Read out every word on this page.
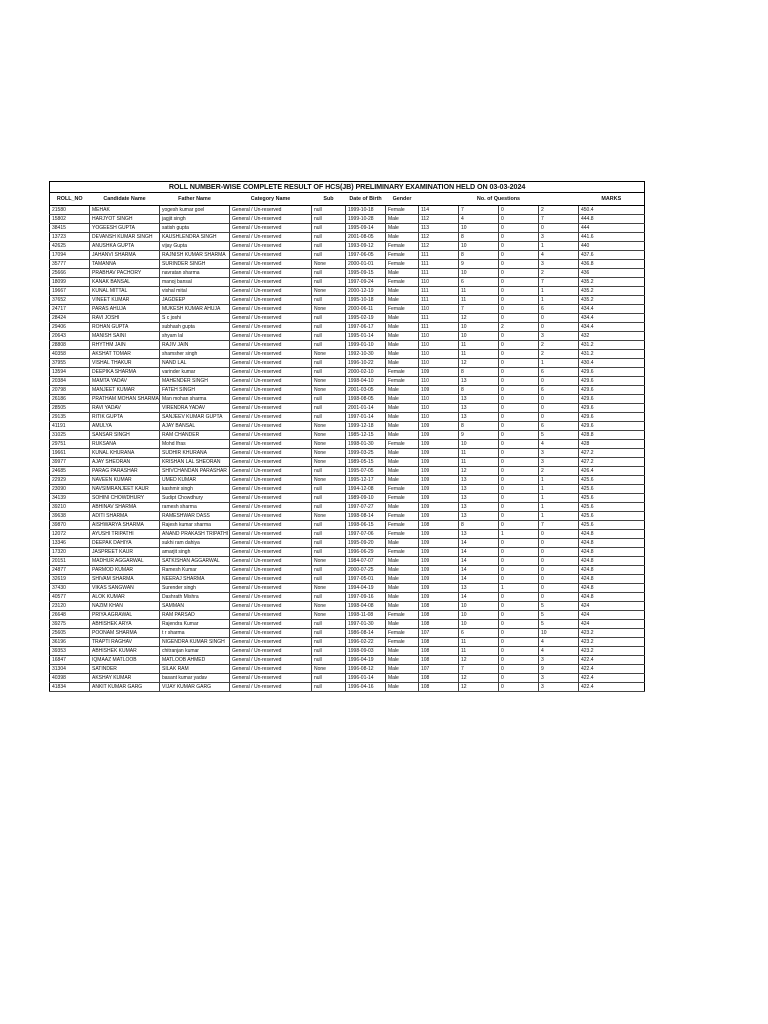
ROLL NUMBER-WISE COMPLETE RESULT OF HCS(JB) PRELIMINARY EXAMINATION HELD ON 03-03-2024											
ROLL_NO	Candidate Name	Father Name	Category Name	Sub	Date of Birth	Gender	No. of Questions				MARKS
21580	MEHAK	yogesh kumar goel	General / Un-reserved	null	1999-10-18	Female	114	7	0	2	450.4
15802	HARJYOT SINGH	jagjit singh	General / Un-reserved	null	1999-10-28	Male	112	4	0	7	444.8
38415	YOGEESH GUPTA	satish gupta	General / Un-reserved	null	1995-09-14	Male	113	10	0	0	444
13723	DEVANSH KUMAR SINGH	KAUSHLENDRA SINGH	General / Un-reserved	null	2001-08-05	Male	112	8	0	3	441.6
42625	ANUSHKA GUPTA	vijay Gupta	General / Un-reserved	null	1993-09-12	Female	112	10	0	1	440
17094	JAHANVI SHARMA	RAJNISH KUMAR SHARMA	General / Un-reserved	null	1997-06-05	Female	111	8	0	4	437.6
35777	TAMANNA	SURINDER SINGH	General / Un-reserved	None	2000-01-01	Female	111	9	0	3	436.8
25666	PRABHAV PACHORY	navratan sharma	General / Un-reserved	null	1995-09-15	Male	111	10	0	2	436
18099	KANAK BANSAL	manoj bansal	General / Un-reserved	null	1997-09-24	Female	110	6	0	7	435.2
19667	KUNAL MITTAL	vishal mital	General / Un-reserved	None	2000-12-19	Male	111	11	0	1	435.2
37652	VINEET KUMAR	JAGDEEP	General / Un-reserved	null	1995-10-18	Male	111	11	0	1	435.2
24717	PARAS AHUJA	MUKESH KUMAR AHUJA	General / Un-reserved	None	2000-06-11	Female	110	7	0	6	434.4
28424	RAVI JOSHI	S c joshi	General / Un-reserved	null	1995-02-19	Male	111	12	0	0	434.4
29406	ROHAN GUPTA	subhash gupta	General / Un-reserved	null	1997-06-17	Male	111	10	2	0	434.4
20643	MANISH SAINI	shyam lal	General / Un-reserved	null	1995-01-14	Male	110	10	0	3	432
28808	RHYTHM JAIN	RAJIV JAIN	General / Un-reserved	null	1999-01-10	Male	110	11	0	2	431.2
40358	AKSHAT TOMAR	shamsher singh	General / Un-reserved	None	1992-10-30	Male	110	11	0	2	431.2
37955	VISHAL THAKUR	NAND LAL	General / Un-reserved	null	1996-10-22	Male	110	12	0	1	430.4
13594	DEEPIKA SHARMA	varinder kumar	General / Un-reserved	null	2000-02-10	Female	109	8	0	6	429.6
20384	MAMTA YADAV	MAHENDER SINGH	General / Un-reserved	None	1998-04-10	Female	110	13	0	0	429.6
20798	MANJEET KUMAR	FATEH SINGH	General / Un-reserved	None	2001-03-05	Male	109	8	0	6	429.6
26186	PRATHAM MOHAN SHARMA	Man mohan sharma	General / Un-reserved	null	1998-08-05	Male	110	13	0	0	429.6
28505	RAVI YADAV	VIRENDRA YADAV	General / Un-reserved	null	2001-01-14	Male	110	13	0	0	429.6
29135	RITIK GUPTA	SANJEEV KUMAR GUPTA	General / Un-reserved	null	1997-01-14	Male	110	13	0	0	429.6
41191	AMULYA	AJAY BANSAL	General / Un-reserved	None	1999-12-18	Male	109	8	0	6	429.6
31025	SANSAR SINGH	RAM CHANDER	General / Un-reserved	None	1985-12-15	Male	109	9	0	5	428.8
29751	RUKSANA	Mohd Ifras	General / Un-reserved	None	1998-01-30	Female	109	10	0	4	428
19661	KUNAL KHURANA	SUDHIR KHURANA	General / Un-reserved	None	1999-03-25	Male	109	11	0	3	427.2
39977	AJAY SHEORAN	KRISHAN LAL SHEORAN	General / Un-reserved	None	1989-05-15	Male	109	11	0	3	427.2
24685	PARAG PARASHAR	SHIVCHANDAN PARASHAR	General / Un-reserved	null	1995-07-05	Male	109	12	0	2	426.4
22929	NAVEEN KUMAR	UMED KUMAR	General / Un-reserved	None	1995-12-17	Male	109	13	0	1	425.6
23090	NAVSIMRANJEET KAUR	kashmir singh	General / Un-reserved	null	1994-12-08	Female	109	13	0	1	425.6
34139	SOHINI CHOWDHURY	Sudipt Chowdhury	General / Un-reserved	null	1989-09-10	Female	109	13	0	1	425.6
39210	ABHINAV SHARMA	ramesh sharma	General / Un-reserved	null	1997-07-27	Male	109	13	0	1	425.6
39638	ADITI SHARMA	RAMESHWAR DASS	General / Un-reserved	None	1998-08-14	Female	109	13	0	1	425.6
39870	AISHWARYA SHARMA	Rajesh kumar sharma	General / Un-reserved	null	1998-06-15	Female	108	8	0	7	425.6
12072	AYUSHI TRIPATHI	ANAND PRAKASH TRIPATHI	General / Un-reserved	null	1997-07-06	Female	109	13	1	0	424.8
13346	DEEPAK DAHIYA	sukhi ram dahiya	General / Un-reserved	null	1995-09-20	Male	109	14	0	0	424.8
17320	JASPREET KAUR	amarjit singh	General / Un-reserved	null	1996-06-29	Female	109	14	0	0	424.8
20151	MADHUR AGGARWAL	SATKISHAN AGGARWAL	General / Un-reserved	None	1984-07-07	Male	109	14	0	0	424.8
24877	PARMOD KUMAR	Ramesh Kumar	General / Un-reserved	null	2000-07-25	Male	109	14	0	0	424.8
32619	SHIVAM SHARMA	NEERAJ SHARMA	General / Un-reserved	null	1997-05-01	Male	109	14	0	0	424.8
37430	VIKAS SANGWAN	Surender singh	General / Un-reserved	None	1994-04-19	Male	109	13	1	0	424.8
40577	ALOK KUMAR	Dashrath Mishra	General / Un-reserved	null	1997-09-16	Male	109	14	0	0	424.8
23120	NAZIM KHAN	SAMMAN	General / Un-reserved	None	1998-04-08	Male	108	10	0	5	424
26648	PRIYA AGRAWAL	RAM PARSAD	General / Un-reserved	None	1998-11-08	Female	108	10	0	5	424
39275	ABHISHEK ARYA	Rajendra Kumar	General / Un-reserved	null	1997-01-30	Male	108	10	0	5	424
25605	POONAM SHARMA	t r sharma	General / Un-reserved	null	1986-08-14	Female	107	6	0	10	423.2
36196	TRAPTI RAGHAV	NIGENDRA KUMAR SINGH	General / Un-reserved	null	1996-02-22	Female	108	11	0	4	423.2
39353	ABHISHEK KUMAR	chitranjan kumar	General / Un-reserved	null	1998-09-03	Male	108	11	0	4	423.2
16847	IQMAAZ MATLOOB	MATLOOB AHMED	General / Un-reserved	null	1996-04-19	Male	108	12	0	3	422.4
31304	SATINDER	SILAK RAM	General / Un-reserved	None	1996-08-12	Male	107	7	0	9	422.4
40398	AKSHAY KUMAR	basant kumar yadav	General / Un-reserved	null	1996-01-14	Male	108	12	0	3	422.4
41834	ANKIT KUMAR GARG	VIJAY KUMAR GARG	General / Un-reserved	null	1996-04-16	Male	108	12	0	3	422.4
